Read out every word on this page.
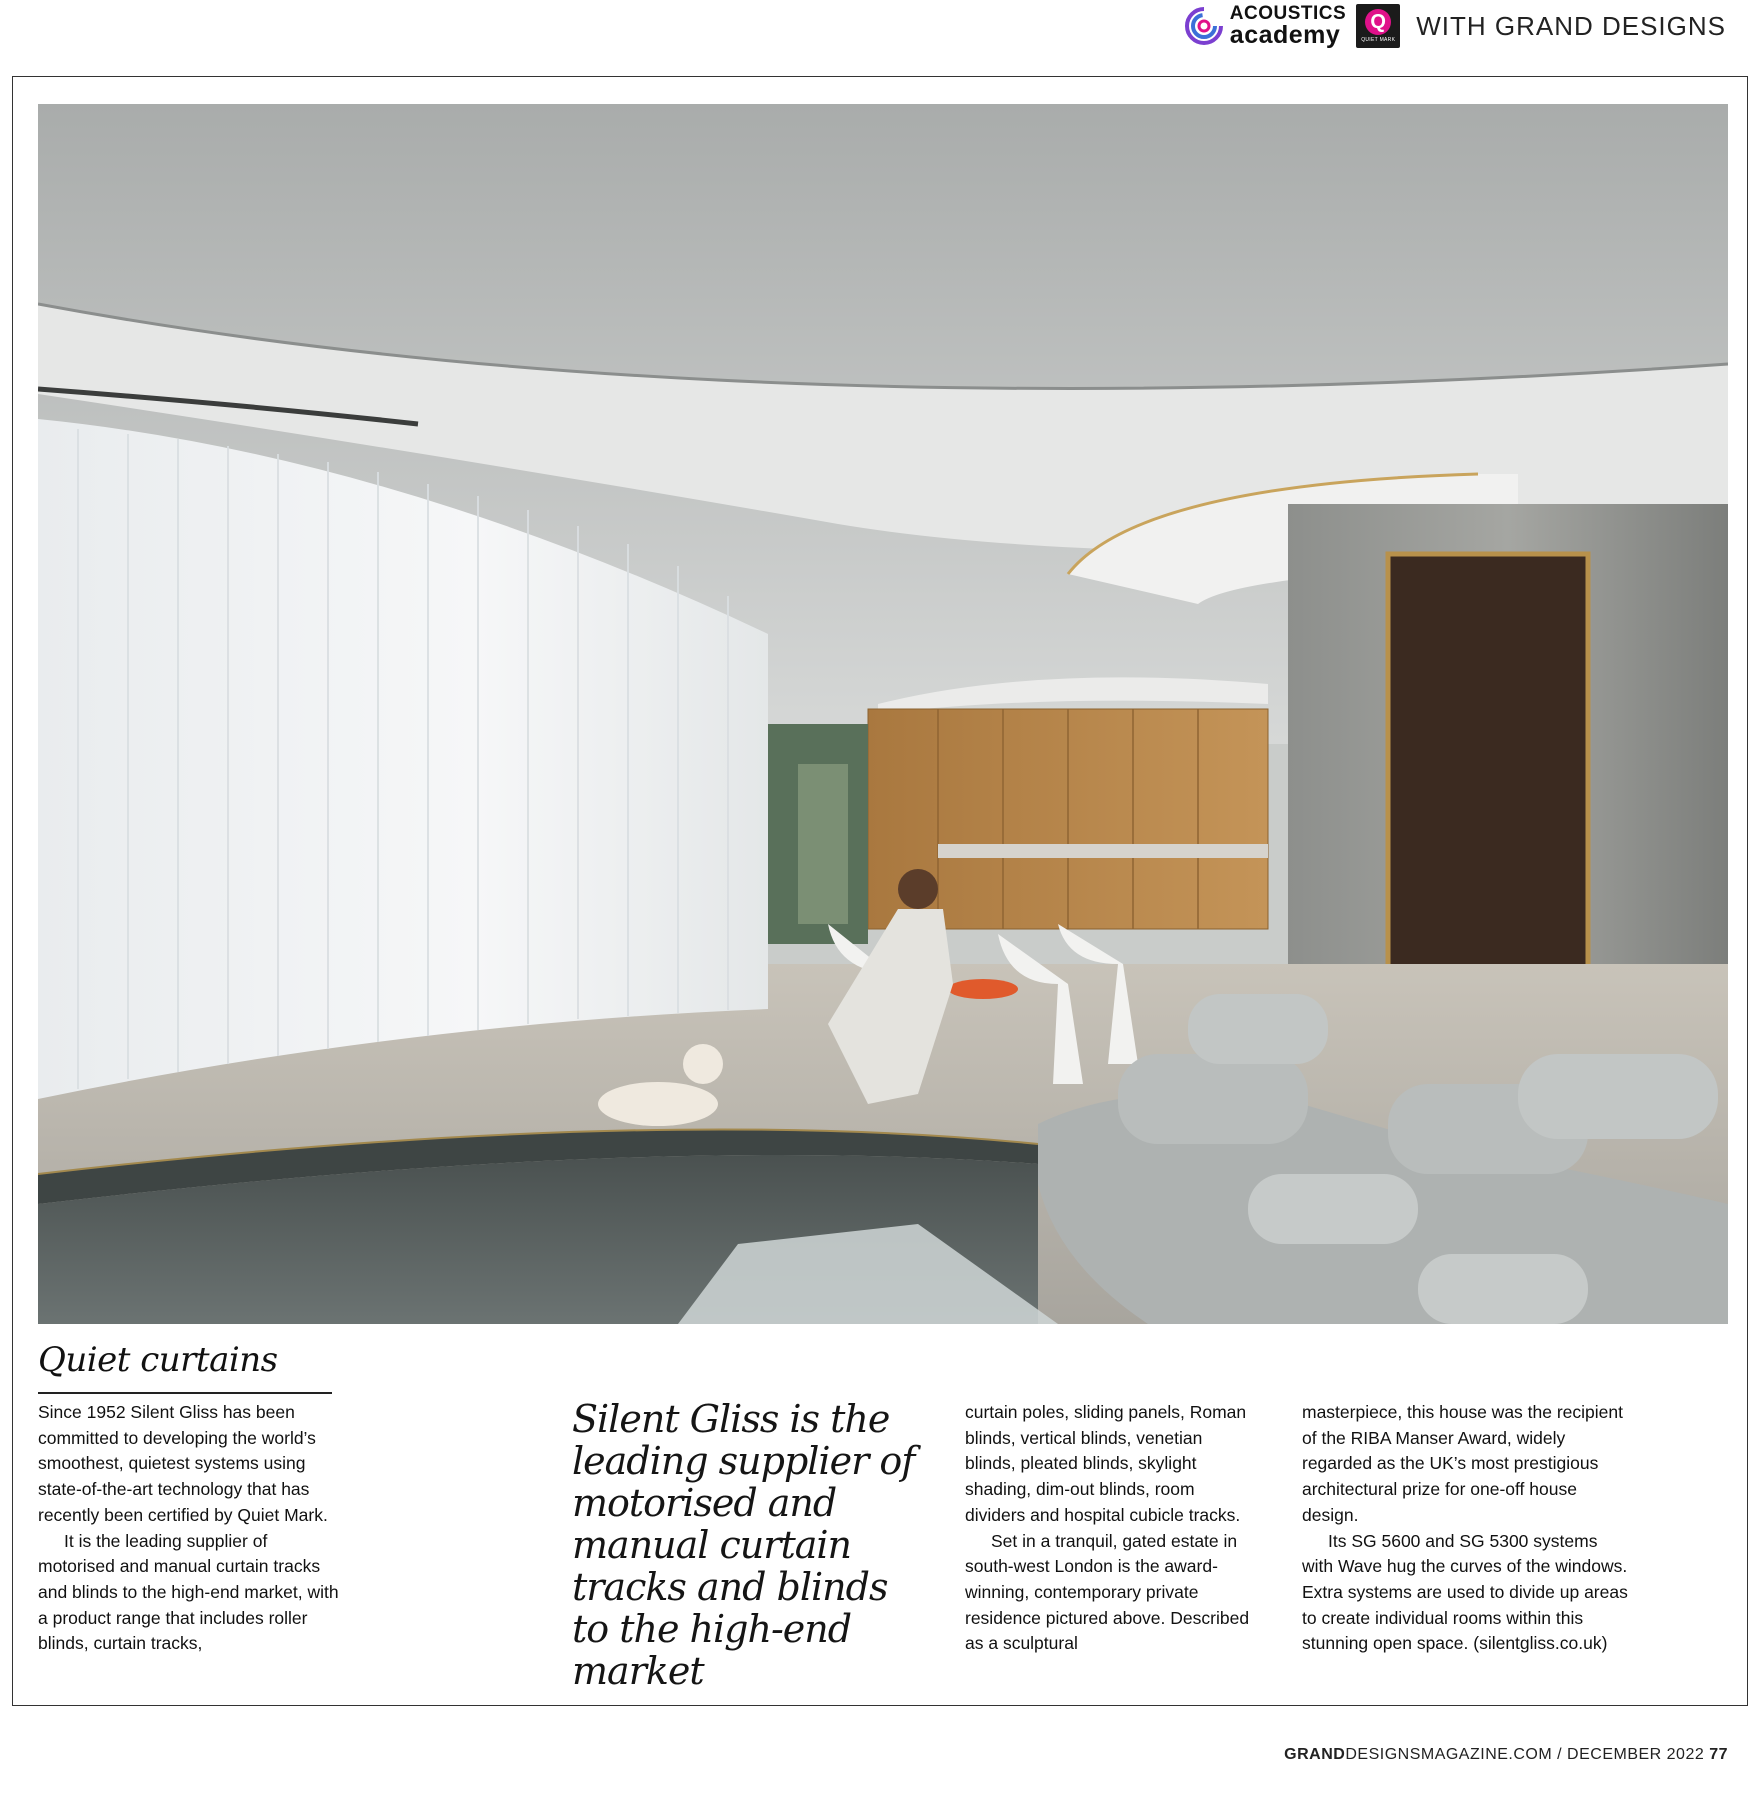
ACOUSTICS
academy Q
QUIET MARK WITH GRAND DESIGNS
Quiet curtains

Since 1952 Silent Gliss has been committed to developing the world’s smoothest, quietest systems using state-of-the-art technology that has recently been certified by Quiet Mark.

It is the leading supplier of motorised and manual curtain tracks and blinds to the high-end market, with a product range that includes roller blinds, curtain tracks,

Silent Gliss is the leading supplier of motorised and manual curtain tracks and blinds to the high-end market

curtain poles, sliding panels, Roman blinds, vertical blinds, venetian blinds, pleated blinds, skylight shading, dim-out blinds, room dividers and hospital cubicle tracks.

Set in a tranquil, gated estate in south-west London is the award-winning, contemporary private residence pictured above. Described as a sculptural

masterpiece, this house was the recipient of the RIBA Manser Award, widely regarded as the UK’s most prestigious architectural prize for one-off house design.

Its SG 5600 and SG 5300 systems with Wave hug the curves of the windows. Extra systems are used to divide up areas to create individual rooms within this stunning open space. (silentgliss.co.uk)

GRANDDESIGNSMAGAZINE.COM / DECEMBER 2022 77
